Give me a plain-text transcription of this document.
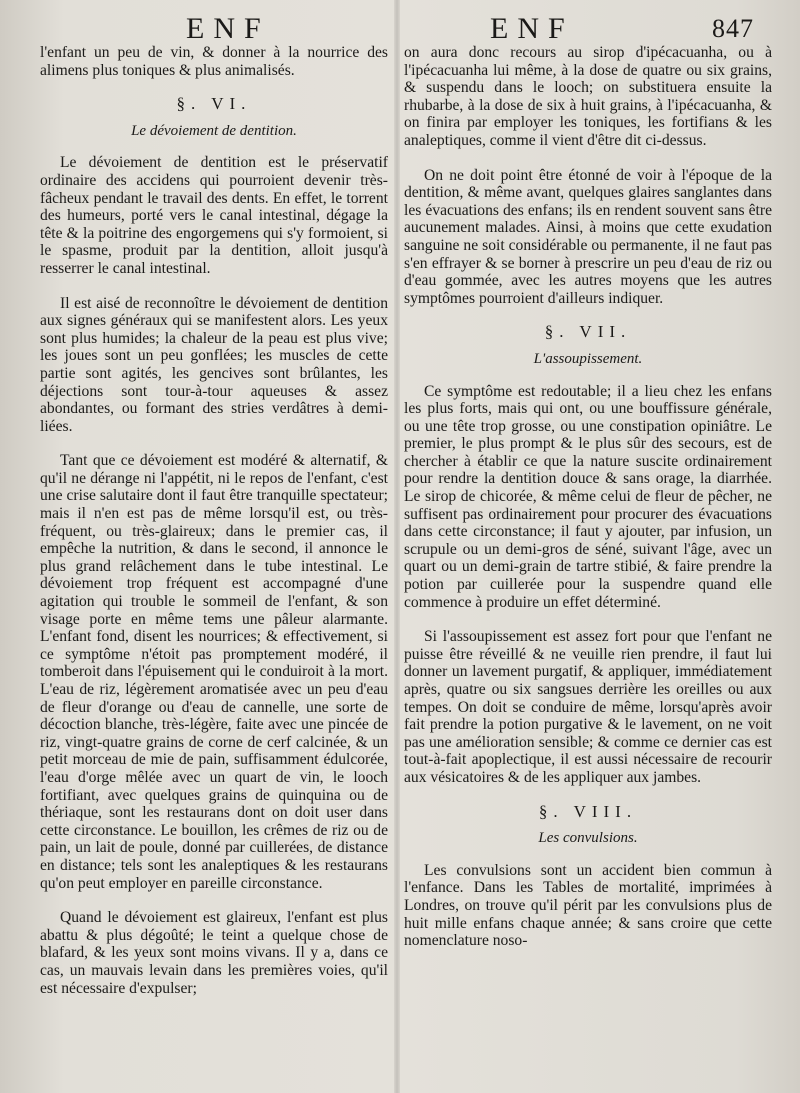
ENF	ENF	847

l'enfant un peu de vin, & donner à la nourrice des alimens plus toniques & plus animalisés.

§. VI.
Le dévoiement de dentition.

Le dévoiement de dentition est le préservatif ordinaire des accidens qui pourroient devenir très-fâcheux pendant le travail des dents. En effet, le torrent des humeurs, porté vers le canal intestinal, dégage la tête & la poitrine des engorgemens qui s'y formoient, si le spasme, produit par la dentition, alloit jusqu'à resserrer le canal intestinal.

Il est aisé de reconnoître le dévoiement de dentition aux signes généraux qui se manifestent alors. Les yeux sont plus humides; la chaleur de la peau est plus vive; les joues sont un peu gonflées; les muscles de cette partie sont agités, les gencives sont brûlantes, les déjections sont tour-à-tour aqueuses & assez abondantes, ou formant des stries verdâtres à demi-liées.

Tant que ce dévoiement est modéré & alternatif, & qu'il ne dérange ni l'appétit, ni le repos de l'enfant, c'est une crise salutaire dont il faut être tranquille spectateur; mais il n'en est pas de même lorsqu'il est, ou très-fréquent, ou très-glaireux; dans le premier cas, il empêche la nutrition, & dans le second, il annonce le plus grand relâchement dans le tube intestinal. Le dévoiement trop fréquent est accompagné d'une agitation qui trouble le sommeil de l'enfant, & son visage porte en même tems une pâleur alarmante. L'enfant fond, disent les nourrices; & effectivement, si ce symptôme n'étoit pas promptement modéré, il tomberoit dans l'épuisement qui le conduiroit à la mort. L'eau de riz, légèrement aromatisée avec un peu d'eau de fleur d'orange ou d'eau de cannelle, une sorte de décoction blanche, très-légère, faite avec une pincée de riz, vingt-quatre grains de corne de cerf calcinée, & un petit morceau de mie de pain, suffisamment édulcorée, l'eau d'orge mêlée avec un quart de vin, le looch fortifiant, avec quelques grains de quinquina ou de thériaque, sont les restaurans dont on doit user dans cette circonstance. Le bouillon, les crêmes de riz ou de pain, un lait de poule, donné par cuillerées, de distance en distance; tels sont les analeptiques & les restaurans qu'on peut employer en pareille circonstance.

Quand le dévoiement est glaireux, l'enfant est plus abattu & plus dégoûté; le teint a quelque chose de blafard, & les yeux sont moins vivans. Il y a, dans ce cas, un mauvais levain dans les premières voies, qu'il est nécessaire d'expulser;

on aura donc recours au sirop d'ipécacuanha, ou à l'ipécacuanha lui même, à la dose de quatre ou six grains, & suspendu dans le looch; on substituera ensuite la rhubarbe, à la dose de six à huit grains, à l'ipécacuanha, & on finira par employer les toniques, les fortifians & les analeptiques, comme il vient d'être dit ci-dessus.

On ne doit point être étonné de voir à l'époque de la dentition, & même avant, quelques glaires sanglantes dans les évacuations des enfans; ils en rendent souvent sans être aucunement malades. Ainsi, à moins que cette exudation sanguine ne soit considérable ou permanente, il ne faut pas s'en effrayer & se borner à prescrire un peu d'eau de riz ou d'eau gommée, avec les autres moyens que les autres symptômes pourroient d'ailleurs indiquer.

§. VII.
L'assoupissement.

Ce symptôme est redoutable; il a lieu chez les enfans les plus forts, mais qui ont, ou une bouffissure générale, ou une tête trop grosse, ou une constipation opiniâtre. Le premier, le plus prompt & le plus sûr des secours, est de chercher à établir ce que la nature suscite ordinairement pour rendre la dentition douce & sans orage, la diarrhée. Le sirop de chicorée, & même celui de fleur de pêcher, ne suffisent pas ordinairement pour procurer des évacuations dans cette circonstance; il faut y ajouter, par infusion, un scrupule ou un demi-gros de séné, suivant l'âge, avec un quart ou un demi-grain de tartre stibié, & faire prendre la potion par cuillerée pour la suspendre quand elle commence à produire un effet déterminé.

Si l'assoupissement est assez fort pour que l'enfant ne puisse être réveillé & ne veuille rien prendre, il faut lui donner un lavement purgatif, & appliquer, immédiatement après, quatre ou six sangsues derrière les oreilles ou aux tempes. On doit se conduire de même, lorsqu'après avoir fait prendre la potion purgative & le lavement, on ne voit pas une amélioration sensible; & comme ce dernier cas est tout-à-fait apoplectique, il est aussi nécessaire de recourir aux vésicatoires & de les appliquer aux jambes.

§. VIII.
Les convulsions.

Les convulsions sont un accident bien commun à l'enfance. Dans les Tables de mortalité, imprimées à Londres, on trouve qu'il périt par les convulsions plus de huit mille enfans chaque année; & sans croire que cette nomenclature noso-
